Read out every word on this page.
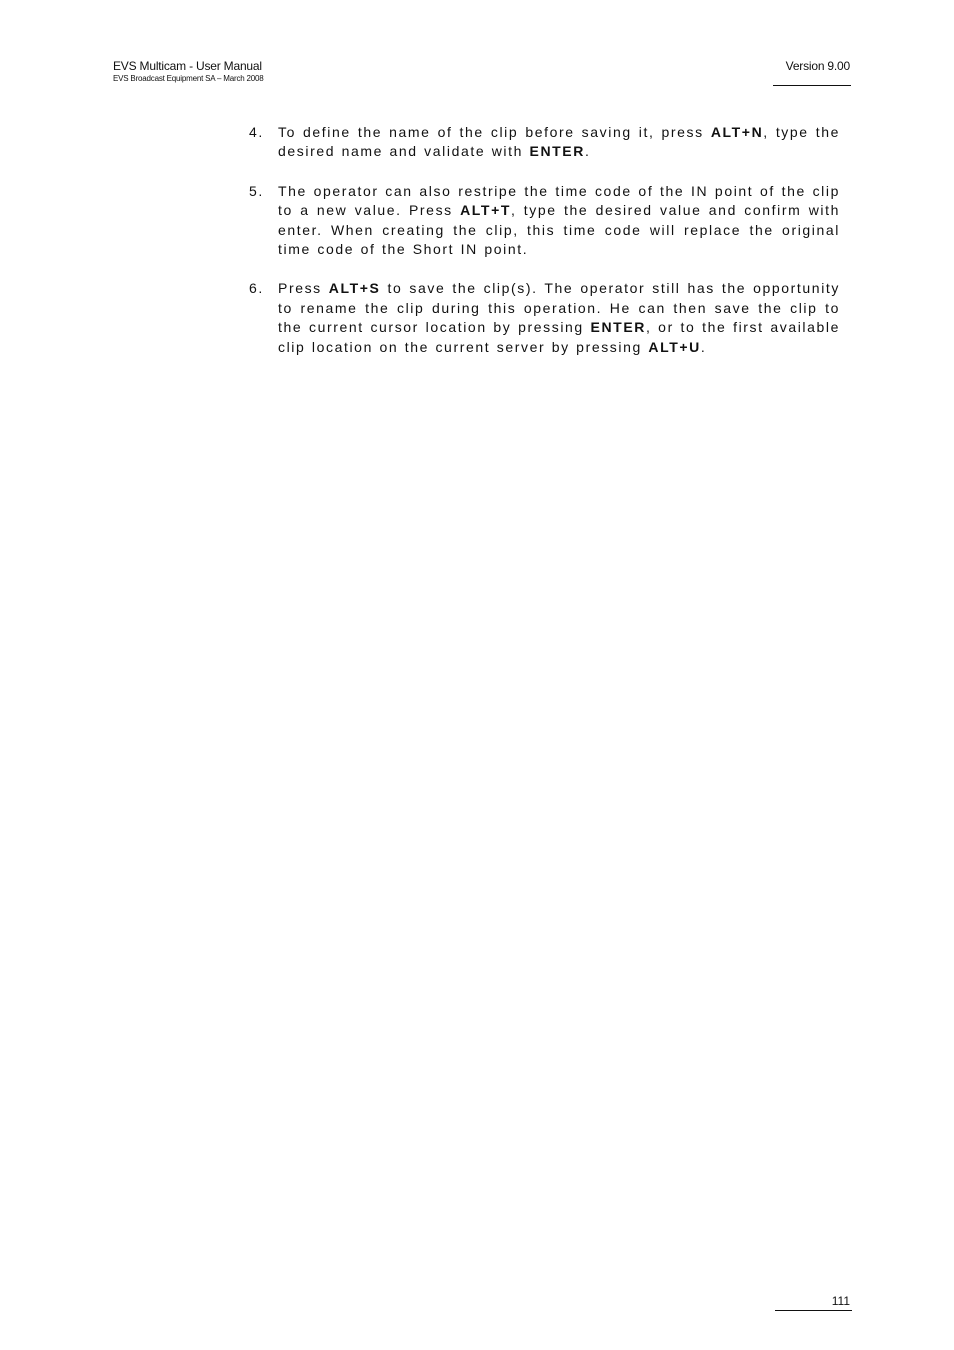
EVS Multicam - User Manual
EVS Broadcast Equipment SA – March 2008
Version 9.00
4.	To define the name of the clip before saving it, press ALT+N, type the desired name and validate with ENTER.
5.	The operator can also restripe the time code of the IN point of the clip to a new value. Press ALT+T, type the desired value and confirm with enter. When creating the clip, this time code will replace the original time code of the Short IN point.
6.	Press ALT+S to save the clip(s). The operator still has the opportunity to rename the clip during this operation. He can then save the clip to the current cursor location by pressing ENTER, or to the first available clip location on the current server by pressing ALT+U.
111
